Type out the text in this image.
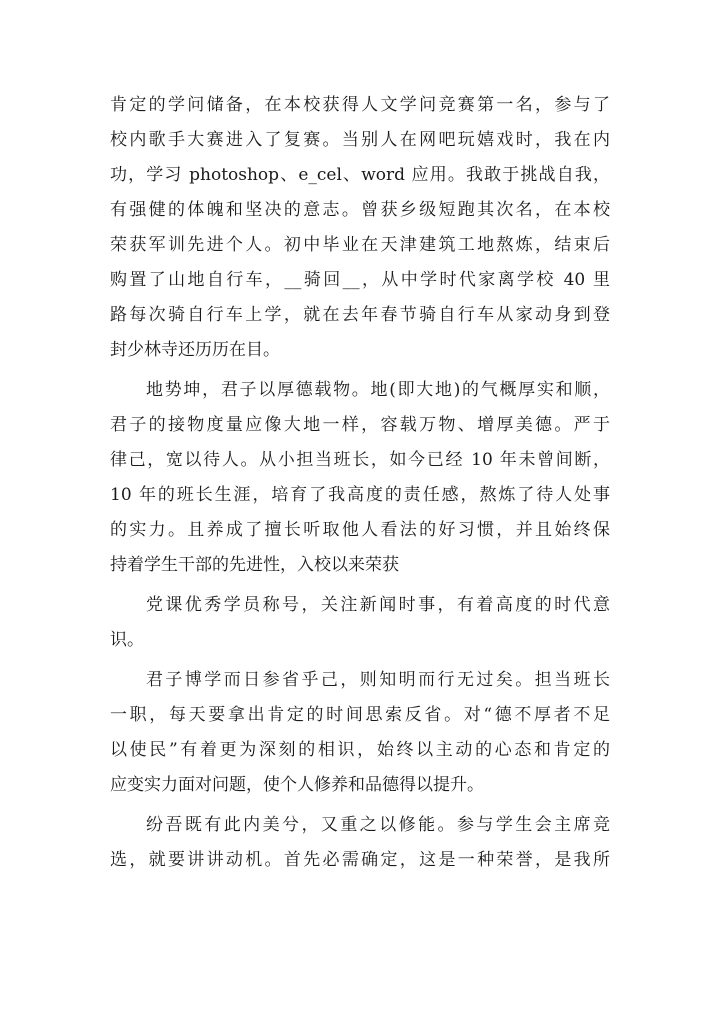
肯定的学问储备，在本校获得人文学问竞赛第一名，参与了
校内歌手大赛进入了复赛。当别人在网吧玩嬉戏时，我在内
功，学习 photoshop、e_cel、word 应用。我敢于挑战自我，
有强健的体魄和坚决的意志。曾获乡级短跑其次名，在本校
荣获军训先进个人。初中毕业在天津建筑工地熬炼，结束后
购置了山地自行车，__骑回__，从中学时代家离学校 40 里
路每次骑自行车上学，就在去年春节骑自行车从家动身到登
封少林寺还历历在目。
地势坤，君子以厚德载物。地(即大地)的气概厚实和顺，
君子的接物度量应像大地一样，容载万物、增厚美德。严于
律己，宽以待人。从小担当班长，如今已经 10 年未曾间断，
10 年的班长生涯，培育了我高度的责任感，熬炼了待人处事
的实力。且养成了擅长听取他人看法的好习惯，并且始终保
持着学生干部的先进性，入校以来荣获
党课优秀学员称号，关注新闻时事，有着高度的时代意
识。
君子博学而日参省乎己，则知明而行无过矣。担当班长
一职，每天要拿出肯定的时间思索反省。对“德不厚者不足
以使民”有着更为深刻的相识，始终以主动的心态和肯定的
应变实力面对问题，使个人修养和品德得以提升。
纷吾既有此内美兮，又重之以修能。参与学生会主席竞
选，就要讲讲动机。首先必需确定，这是一种荣誉，是我所
